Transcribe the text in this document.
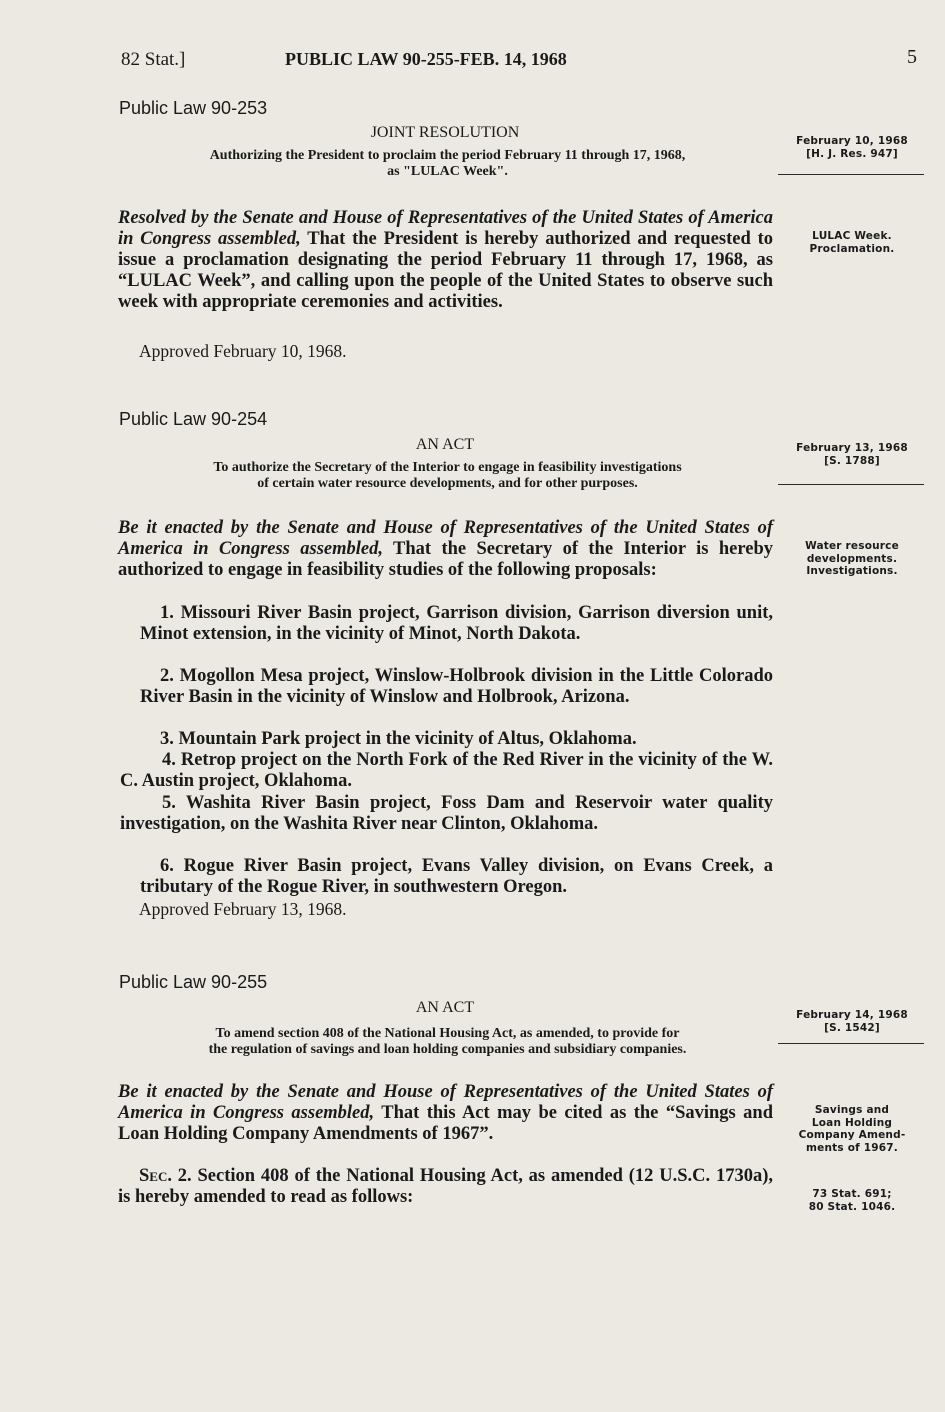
82 Stat.]	PUBLIC LAW 90-255-FEB. 14, 1968	5
Public Law 90-253
JOINT RESOLUTION
Authorizing the President to proclaim the period February 11 through 17, 1968,
as "LULAC Week".
February 10, 1968
[H. J. Res. 947]
Resolved by the Senate and House of Representatives of the United States of America in Congress assembled, That the President is hereby authorized and requested to issue a proclamation designating the period February 11 through 17, 1968, as “LULAC Week”, and calling upon the people of the United States to observe such week with appropriate ceremonies and activities.
LULAC Week.
Proclamation.
Approved February 10, 1968.
Public Law 90-254
AN ACT
To authorize the Secretary of the Interior to engage in feasibility investigations
of certain water resource developments, and for other purposes.
February 13, 1968
[S. 1788]
Be it enacted by the Senate and House of Representatives of the United States of America in Congress assembled, That the Secretary of the Interior is hereby authorized to engage in feasibility studies of the following proposals:
Water resource
developments.
Investigations.
1. Missouri River Basin project, Garrison division, Garrison diversion unit, Minot extension, in the vicinity of Minot, North Dakota.
2. Mogollon Mesa project, Winslow-Holbrook division in the Little Colorado River Basin in the vicinity of Winslow and Holbrook, Arizona.
3. Mountain Park project in the vicinity of Altus, Oklahoma.
4. Retrop project on the North Fork of the Red River in the vicinity of the W. C. Austin project, Oklahoma.
5. Washita River Basin project, Foss Dam and Reservoir water quality investigation, on the Washita River near Clinton, Oklahoma.
6. Rogue River Basin project, Evans Valley division, on Evans Creek, a tributary of the Rogue River, in southwestern Oregon.
Approved February 13, 1968.
Public Law 90-255
AN ACT
To amend section 408 of the National Housing Act, as amended, to provide for
the regulation of savings and loan holding companies and subsidiary companies.
February 14, 1968
[S. 1542]
Be it enacted by the Senate and House of Representatives of the United States of America in Congress assembled, That this Act may be cited as the “Savings and Loan Holding Company Amendments of 1967”.
Savings and
Loan Holding
Company Amend-
ments of 1967.
Sec. 2. Section 408 of the National Housing Act, as amended (12 U.S.C. 1730a), is hereby amended to read as follows:	73 Stat. 691;
80 Stat. 1046.
